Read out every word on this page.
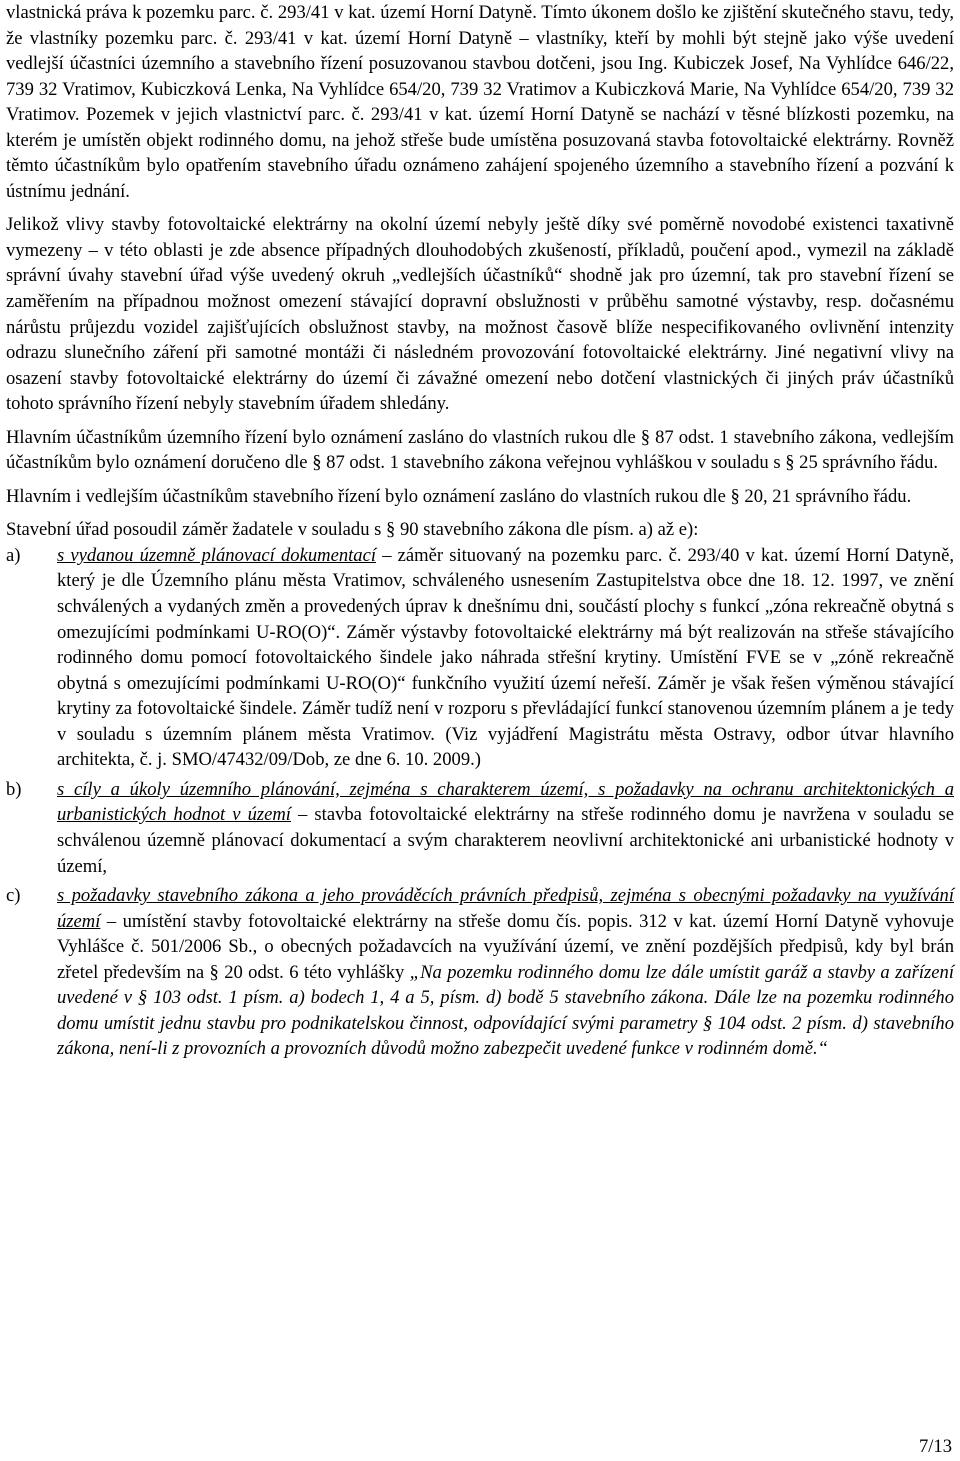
vlastnická práva k pozemku parc. č. 293/41 v kat. území Horní Datyně. Tímto úkonem došlo ke zjištění skutečného stavu, tedy, že vlastníky pozemku parc. č. 293/41 v kat. území Horní Datyně – vlastníky, kteří by mohli být stejně jako výše uvedení vedlejší účastníci územního a stavebního řízení posuzovanou stavbou dotčeni, jsou Ing. Kubiczek Josef, Na Vyhlídce 646/22, 739 32 Vratimov, Kubiczková Lenka, Na Vyhlídce 654/20, 739 32 Vratimov a Kubiczková Marie, Na Vyhlídce 654/20, 739 32 Vratimov. Pozemek v jejich vlastnictví parc. č. 293/41 v kat. území Horní Datyně se nachází v těsné blízkosti pozemku, na kterém je umístěn objekt rodinného domu, na jehož střeše bude umístěna posuzovaná stavba fotovoltaické elektrárny. Rovněž těmto účastníkům bylo opatřením stavebního úřadu oznámeno zahájení spojeného územního a stavebního řízení a pozvání k ústnímu jednání.

Jelikož vlivy stavby fotovoltaické elektrárny na okolní území nebyly ještě díky své poměrně novodobé existenci taxativně vymezeny – v této oblasti je zde absence případných dlouhodobých zkušeností, příkladů, poučení apod., vymezil na základě správní úvahy stavební úřad výše uvedený okruh „vedlejších účastníků“ shodně jak pro územní, tak pro stavební řízení se zaměřením na případnou možnost omezení stávající dopravní obslužnosti v průběhu samotné výstavby, resp. dočasnému nárůstu průjezdu vozidel zajišťujících obslužnost stavby, na možnost časově blíže nespecifikovaného ovlivnění intenzity odrazu slunečního záření při samotné montáži či následném provozování fotovoltaické elektrárny. Jiné negativní vlivy na osazení stavby fotovoltaické elektrárny do území či závažné omezení nebo dotčení vlastnických či jiných práv účastníků tohoto správního řízení nebyly stavebním úřadem shledány.

Hlavním účastníkům územního řízení bylo oznámení zasláno do vlastních rukou dle § 87 odst. 1 stavebního zákona, vedlejším účastníkům bylo oznámení doručeno dle § 87 odst. 1 stavebního zákona veřejnou vyhláškou v souladu s § 25 správního řádu.

Hlavním i vedlejším účastníkům stavebního řízení bylo oznámení zasláno do vlastních rukou dle § 20, 21 správního řádu.

Stavební úřad posoudil záměr žadatele v souladu s § 90 stavebního zákona dle písm. a) až e):

a)	s vydanou územně plánovací dokumentací – záměr situovaný na pozemku parc. č. 293/40 v kat. území Horní Datyně, který je dle Územního plánu města Vratimov, schváleného usnesením Zastupitelstva obce dne 18. 12. 1997, ve znění schválených a vydaných změn a provedených úprav k dnešnímu dni, součástí plochy s funkcí „zóna rekreačně obytná s omezujícími podmínkami U-RO(O)“. Záměr výstavby fotovoltaické elektrárny má být realizován na střeše stávajícího rodinného domu pomocí fotovoltaického šindele jako náhrada střešní krytiny. Umístění FVE se v „zóně rekreačně obytná s omezujícími podmínkami U-RO(O)“ funkčního využití území neřeší. Záměr je však řešen výměnou stávající krytiny za fotovoltaické šindele. Záměr tudíž není v rozporu s převládající funkcí stanovenou územním plánem a je tedy v souladu s územním plánem města Vratimov. (Viz vyjádření Magistrátu města Ostravy, odbor útvar hlavního architekta, č. j. SMO/47432/09/Dob, ze dne 6. 10. 2009.)
b)	s cíly a úkoly územního plánování, zejména s charakterem území, s požadavky na ochranu architektonických a urbanistických hodnot v území – stavba fotovoltaické elektrárny na střeše rodinného domu je navržena v souladu se schválenou územně plánovací dokumentací a svým charakterem neovlivní architektonické ani urbanistické hodnoty v území,
c)	s požadavky stavebního zákona a jeho prováděcích právních předpisů, zejména s obecnými požadavky na využívání území – umístění stavby fotovoltaické elektrárny na střeše domu čís. popis. 312 v kat. území Horní Datyně vyhovuje Vyhlášce č. 501/2006 Sb., o obecných požadavcích na využívání území, ve znění pozdějších předpisů, kdy byl brán zřetel především na § 20 odst. 6 této vyhlášky „Na pozemku rodinného domu lze dále umístit garáž a stavby a zařízení uvedené v § 103 odst. 1 písm. a) bodech 1, 4 a 5, písm. d) bodě 5 stavebního zákona. Dále lze na pozemku rodinného domu umístit jednu stavbu pro podnikatelskou činnost, odpovídající svými parametry § 104 odst. 2 písm. d) stavebního zákona, není-li z provozních a provozních důvodů možno zabezpečit uvedené funkce v rodinném domě.“
7/13
